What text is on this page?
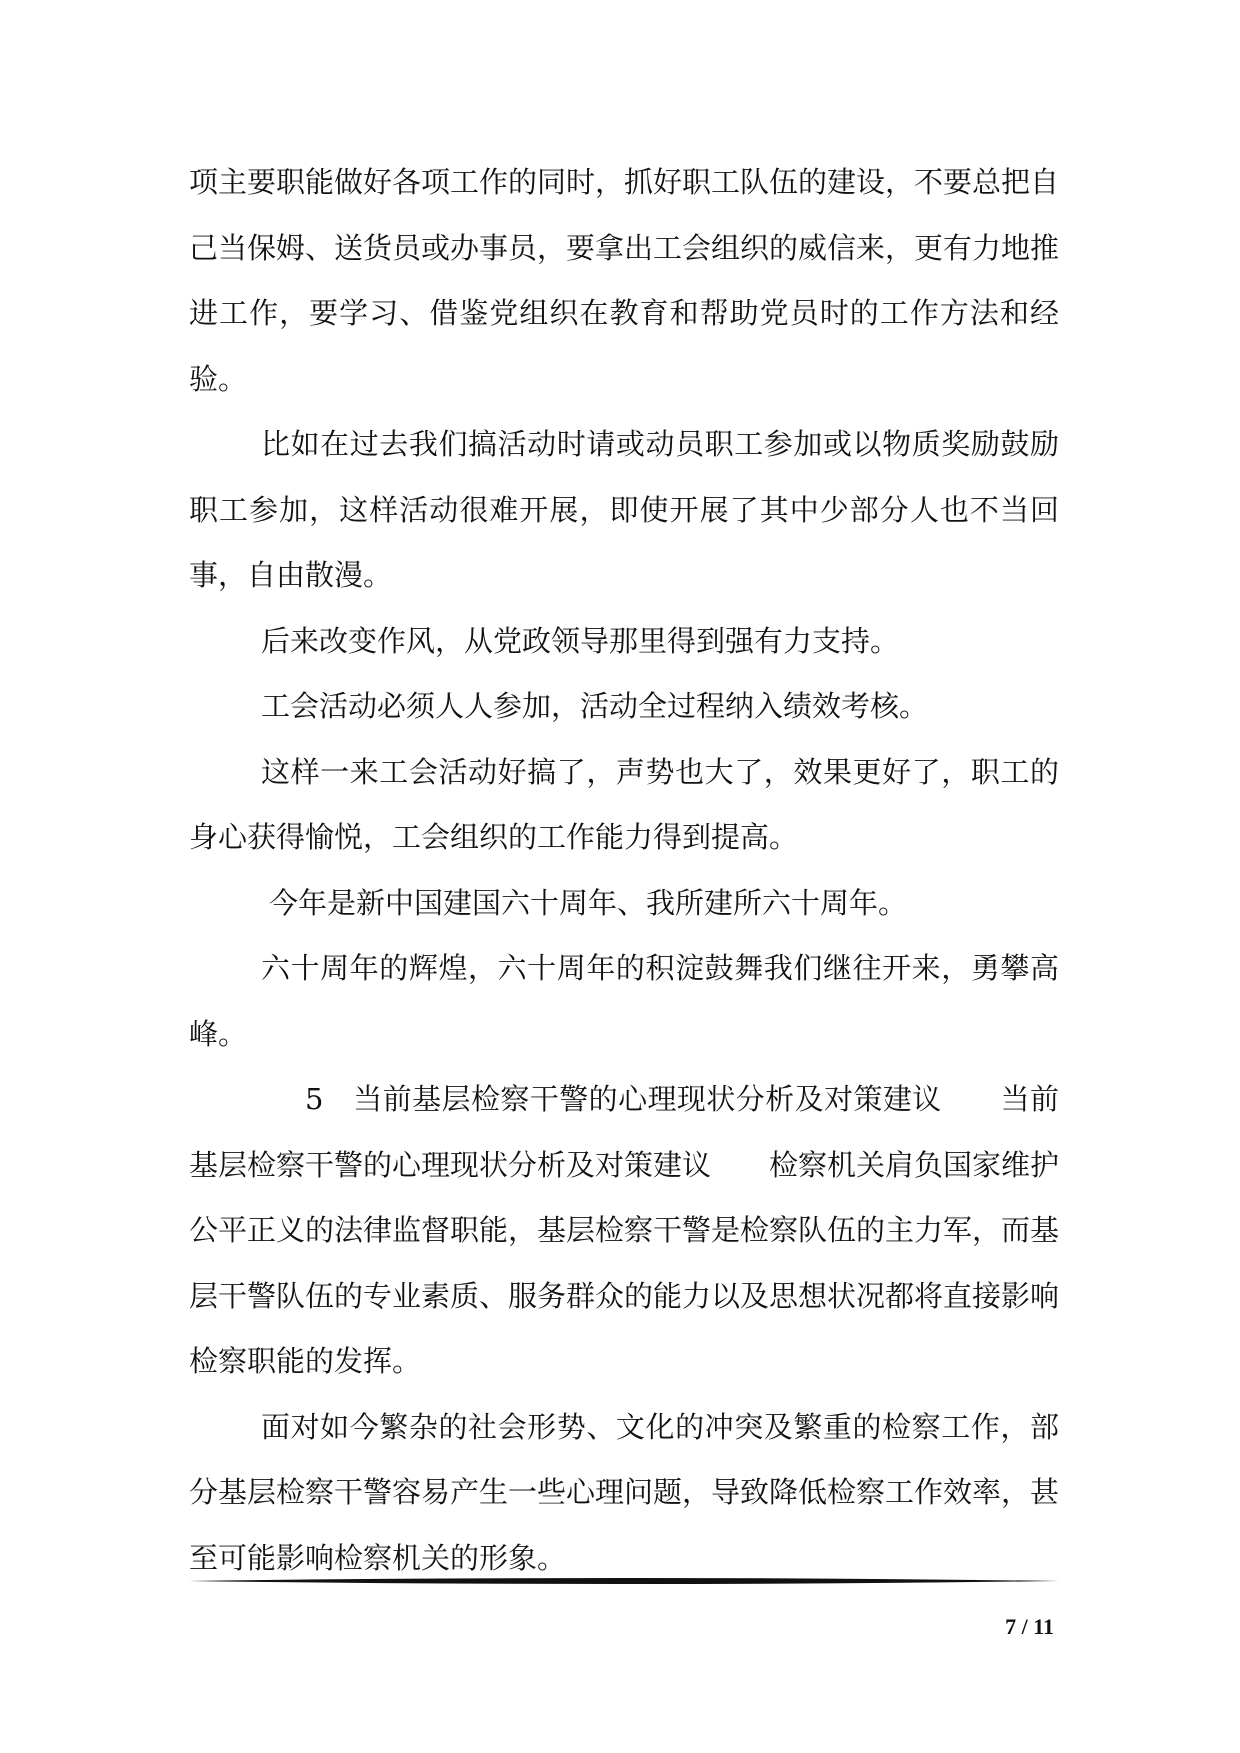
项主要职能做好各项工作的同时，抓好职工队伍的建设，不要总把自己当保姆、送货员或办事员，要拿出工会组织的威信来，更有力地推进工作，要学习、借鉴党组织在教育和帮助党员时的工作方法和经验。

比如在过去我们搞活动时请或动员职工参加或以物质奖励鼓励职工参加，这样活动很难开展，即使开展了其中少部分人也不当回事，自由散漫。

后来改变作风，从党政领导那里得到强有力支持。

工会活动必须人人参加，活动全过程纳入绩效考核。

这样一来工会活动好搞了，声势也大了，效果更好了，职工的身心获得愉悦，工会组织的工作能力得到提高。

今年是新中国建国六十周年、我所建所六十周年。

六十周年的辉煌，六十周年的积淀鼓舞我们继往开来，勇攀高峰。

5　当前基层检察干警的心理现状分析及对策建议　　当前基层检察干警的心理现状分析及对策建议　　检察机关肩负国家维护公平正义的法律监督职能，基层检察干警是检察队伍的主力军，而基层干警队伍的专业素质、服务群众的能力以及思想状况都将直接影响检察职能的发挥。

面对如今繁杂的社会形势、文化的冲突及繁重的检察工作，部分基层检察干警容易产生一些心理问题，导致降低检察工作效率，甚至可能影响检察机关的形象。

7 / 11
